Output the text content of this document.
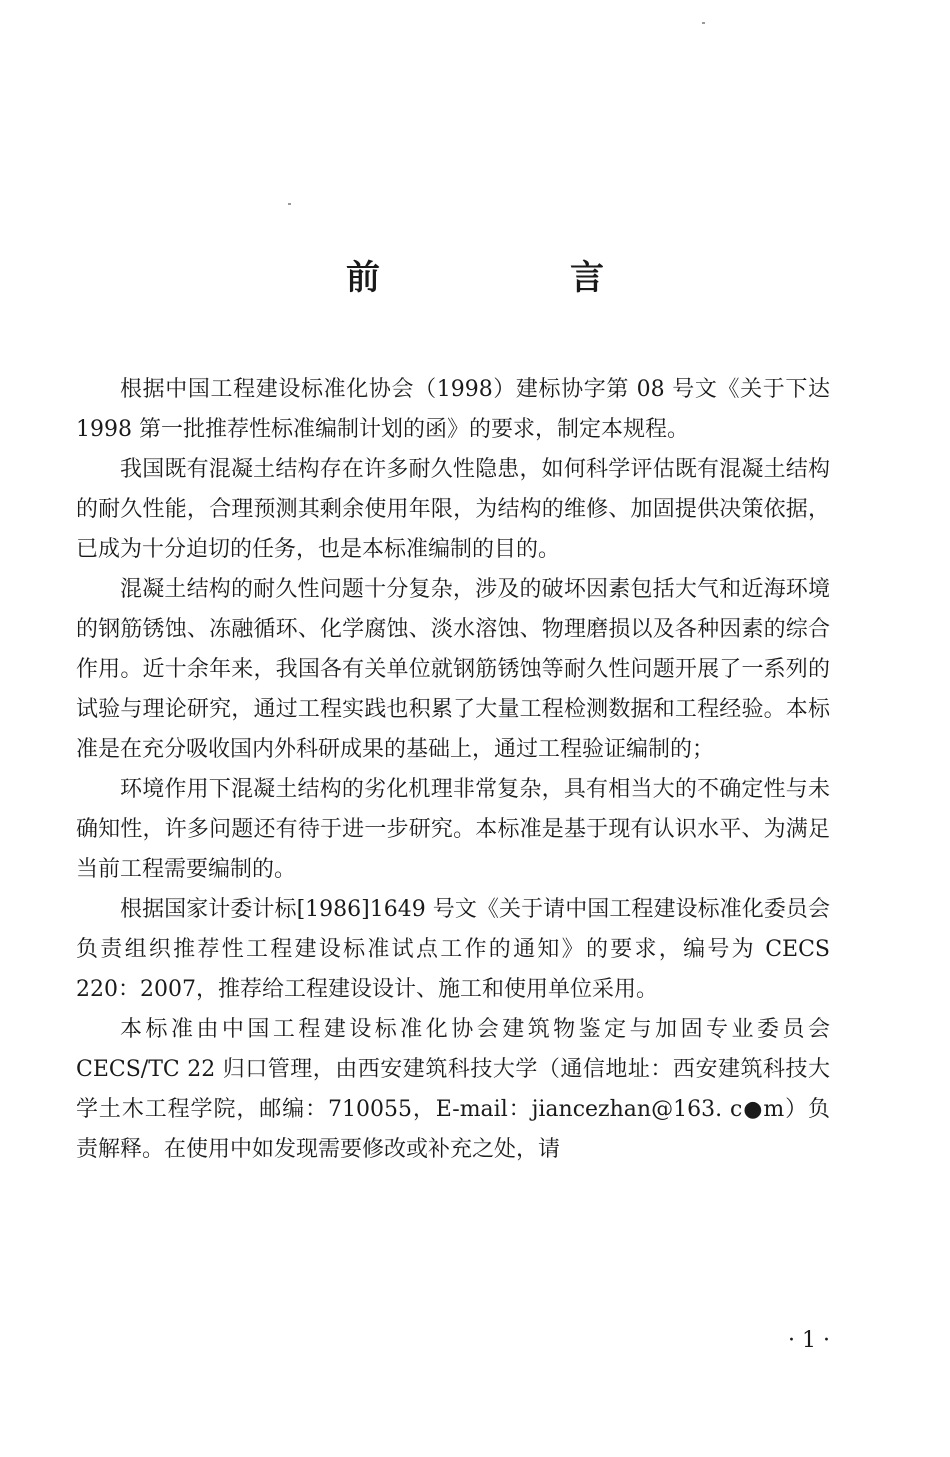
前　言

根据中国工程建设标准化协会（1998）建标协字第 08 号文《关于下达 1998 第一批推荐性标准编制计划的函》的要求，制定本规程。

我国既有混凝土结构存在许多耐久性隐患，如何科学评估既有混凝土结构的耐久性能，合理预测其剩余使用年限，为结构的维修、加固提供决策依据，已成为十分迫切的任务，也是本标准编制的目的。

混凝土结构的耐久性问题十分复杂，涉及的破坏因素包括大气和近海环境的钢筋锈蚀、冻融循环、化学腐蚀、淡水溶蚀、物理磨损以及各种因素的综合作用。近十余年来，我国各有关单位就钢筋锈蚀等耐久性问题开展了一系列的试验与理论研究，通过工程实践也积累了大量工程检测数据和工程经验。本标准是在充分吸收国内外科研成果的基础上，通过工程验证编制的；

环境作用下混凝土结构的劣化机理非常复杂，具有相当大的不确定性与未确知性，许多问题还有待于进一步研究。本标准是基于现有认识水平、为满足当前工程需要编制的。

根据国家计委计标[1986]1649 号文《关于请中国工程建设标准化委员会负责组织推荐性工程建设标准试点工作的通知》的要求，编号为 CECS 220：2007，推荐给工程建设设计、施工和使用单位采用。

本标准由中国工程建设标准化协会建筑物鉴定与加固专业委员会 CECS/TC 22 归口管理，由西安建筑科技大学（通信地址：西安建筑科技大学土木工程学院，邮编：710055，E-mail：jiancezhan@163. c●m）负责解释。在使用中如发现需要修改或补充之处，请

· 1 ·
